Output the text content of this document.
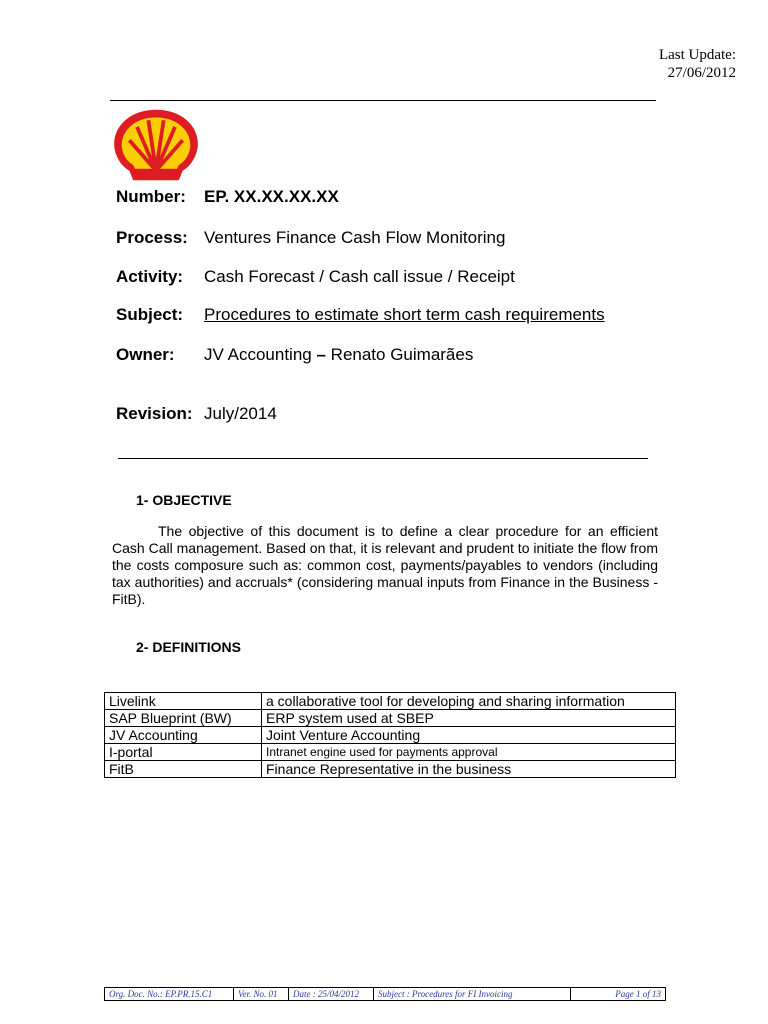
Last Update:
27/06/2012
Number: EP. XX.XX.XX.XX
Process: Ventures Finance Cash Flow Monitoring
Activity: Cash Forecast / Cash call issue / Receipt
Subject: Procedures to estimate short term cash requirements
Owner: JV Accounting – Renato Guimarães
Revision: July/2014
1- OBJECTIVE

The objective of this document is to define a clear procedure for an efficient Cash Call management. Based on that, it is relevant and prudent to initiate the flow from the costs composure such as: common cost, payments/payables to vendors (including tax authorities) and accruals* (considering manual inputs from Finance in the Business - FitB).

2- DEFINITIONS
Livelink	a collaborative tool for developing and sharing information
SAP Blueprint (BW)	ERP system used at SBEP
JV Accounting	Joint Venture Accounting
I-portal	Intranet engine used for payments approval
FitB	Finance Representative in the business
Org. Doc. No.: EP.PR.15.C1	Ver. No. 01	Date : 25/04/2012	Subject : Procedures for FI Invoicing	Page 1 of 13
